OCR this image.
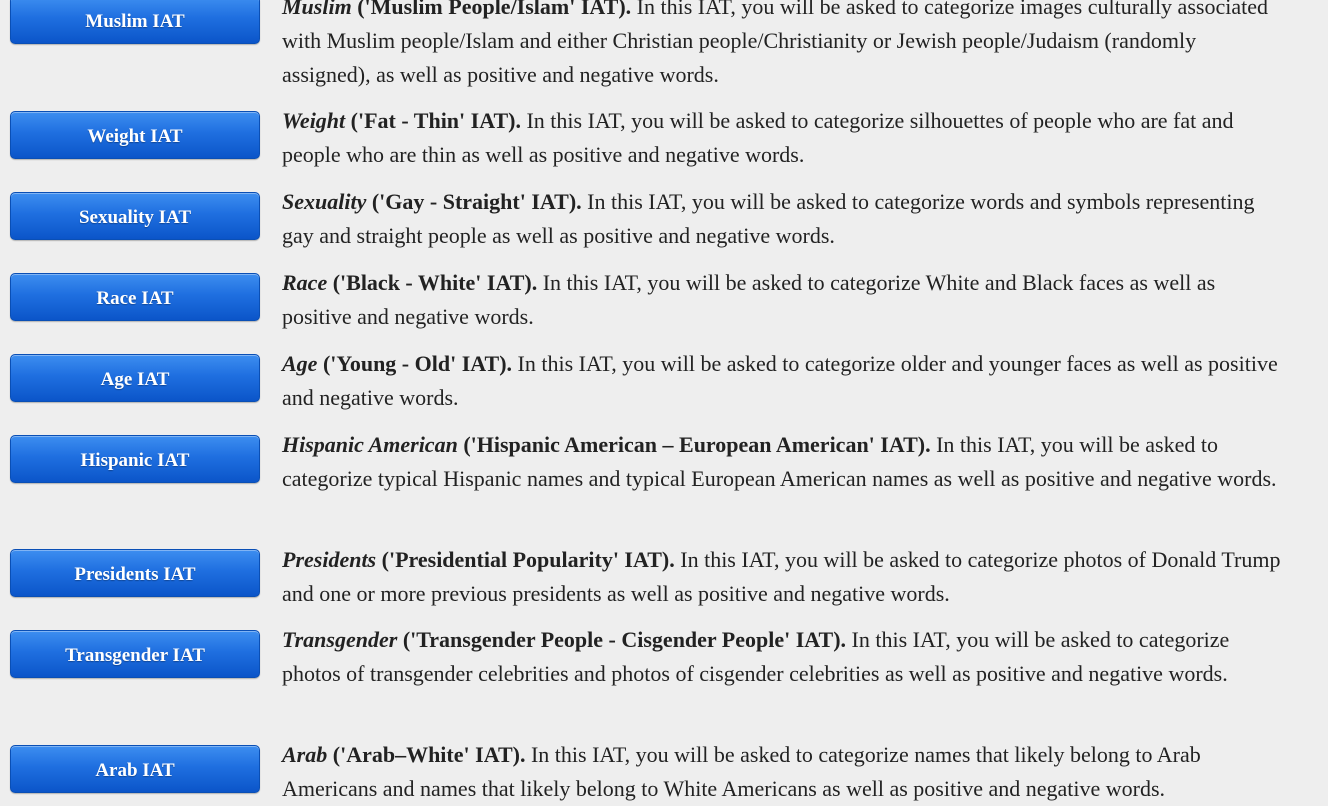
Muslim IAT

Muslim ('Muslim People/Islam' IAT). In this IAT, you will be asked to categorize images culturally associated with Muslim people/Islam and either Christian people/Christianity or Jewish people/Judaism (randomly assigned), as well as positive and negative words.

Weight IAT

Weight ('Fat - Thin' IAT). In this IAT, you will be asked to categorize silhouettes of people who are fat and people who are thin as well as positive and negative words.

Sexuality IAT

Sexuality ('Gay - Straight' IAT). In this IAT, you will be asked to categorize words and symbols representing gay and straight people as well as positive and negative words.

Race IAT

Race ('Black - White' IAT). In this IAT, you will be asked to categorize White and Black faces as well as positive and negative words.

Age IAT

Age ('Young - Old' IAT). In this IAT, you will be asked to categorize older and younger faces as well as positive and negative words.

Hispanic IAT

Hispanic American ('Hispanic American – European American' IAT). In this IAT, you will be asked to categorize typical Hispanic names and typical European American names as well as positive and negative words.

Presidents IAT

Presidents ('Presidential Popularity' IAT). In this IAT, you will be asked to categorize photos of Donald Trump and one or more previous presidents as well as positive and negative words.

Transgender IAT

Transgender ('Transgender People - Cisgender People' IAT). In this IAT, you will be asked to categorize photos of transgender celebrities and photos of cisgender celebrities as well as positive and negative words.

Arab IAT

Arab ('Arab–White' IAT). In this IAT, you will be asked to categorize names that likely belong to Arab Americans and names that likely belong to White Americans as well as positive and negative words.
